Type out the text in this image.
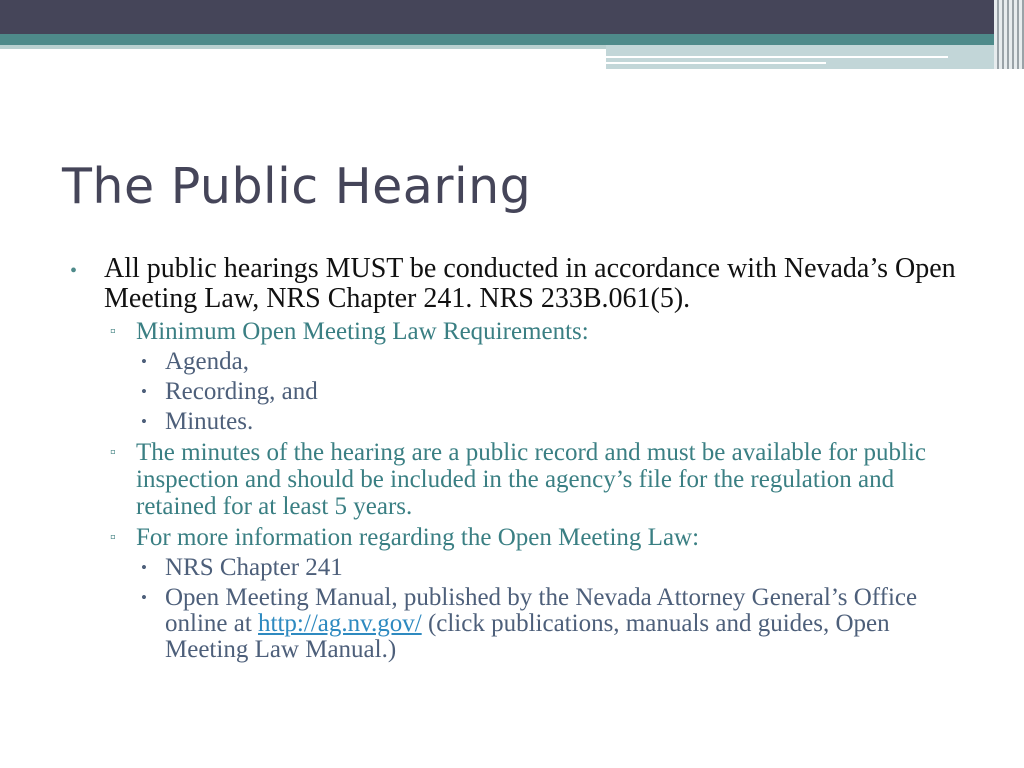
The Public Hearing
• All public hearings MUST be conducted in accordance with Nevada’s Open Meeting Law, NRS Chapter 241. NRS 233B.061(5).
▫ Minimum Open Meeting Law Requirements:
• Agenda,
• Recording, and
• Minutes.
▫ The minutes of the hearing are a public record and must be available for public inspection and should be included in the agency’s file for the regulation and retained for at least 5 years.
▫ For more information regarding the Open Meeting Law:
• NRS Chapter 241
• Open Meeting Manual, published by the Nevada Attorney General’s Office online at http://ag.nv.gov/ (click publications, manuals and guides, Open Meeting Law Manual.)
